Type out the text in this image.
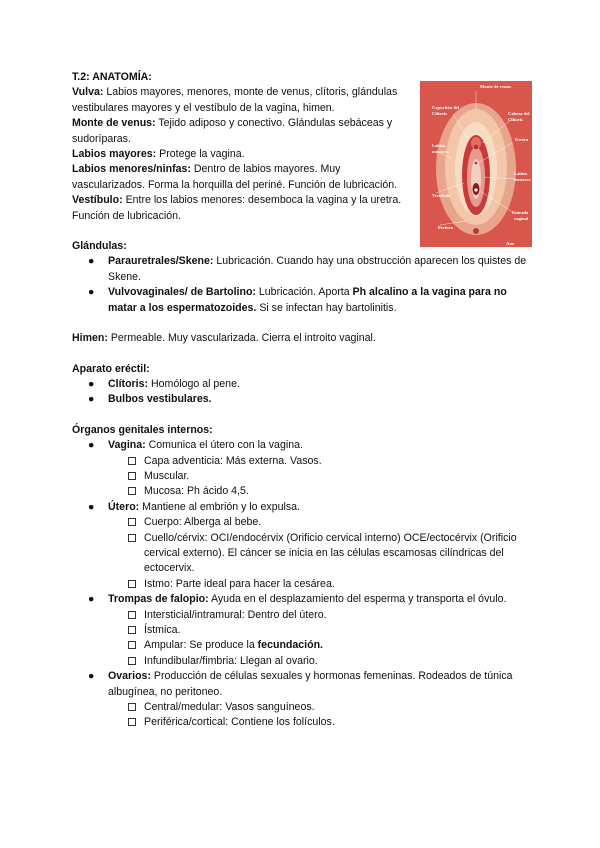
Monte de venus
Capuchón del
Clítoris	Cabeza del
Clítoris
Uretra
Labios
mayores
Labios
menores
Vestíbulo
Entrada
vaginal
Perineo
Ano

T.2: ANATOMÍA:

Vulva: Labios mayores, menores, monte de venus, clítoris, glándulas vestibulares mayores y el vestíbulo de la vagina, himen.

Monte de venus: Tejido adiposo y conectivo. Glándulas sebáceas y sudoríparas.

Labios mayores: Protege la vagina.

Labios menores/ninfas: Dentro de labios mayores. Muy vascularizados. Forma la horquilla del periné. Función de lubricación.

Vestíbulo: Entre los labios menores: desemboca la vagina y la uretra. Función de lubricación.

Glándulas:

● Parauretrales/Skene: Lubricación. Cuando hay una obstrucción aparecen los quistes de Skene.
● Vulvovaginales/ de Bartolino: Lubricación. Aporta Ph alcalino a la vagina para no matar a los espermatozoides. Si se infectan hay bartolinitis.

Himen: Permeable. Muy vascularizada. Cierra el introito vaginal.

Aparato eréctil:

● Clítoris: Homólogo al pene.
● Bulbos vestibulares.

Órganos genitales internos:

● Vagina: Comunica el útero con la vagina.
Capa adventicia: Más externa. Vasos.
Muscular.
Mucosa: Ph ácido 4,5.
● Útero: Mantiene al embrión y lo expulsa.
Cuerpo: Alberga al bebe.
Cuello/cérvix: OCI/endocérvix (Orificio cervical interno) OCE/ectocérvix (Orificio cervical externo). El cáncer se inicia en las células escamosas cilíndricas del ectocervix.
Istmo: Parte ideal para hacer la cesárea.
● Trompas de falopio: Ayuda en el desplazamiento del esperma y transporta el óvulo.
Intersticial/intramural: Dentro del útero.
Ístmica.
Ampular: Se produce la fecundación.
Infundibular/fimbria: Llegan al ovario.
● Ovarios: Producción de células sexuales y hormonas femeninas. Rodeados de túnica albugínea, no peritoneo.
Central/medular: Vasos sanguíneos.
Periférica/cortical: Contiene los folículos.
